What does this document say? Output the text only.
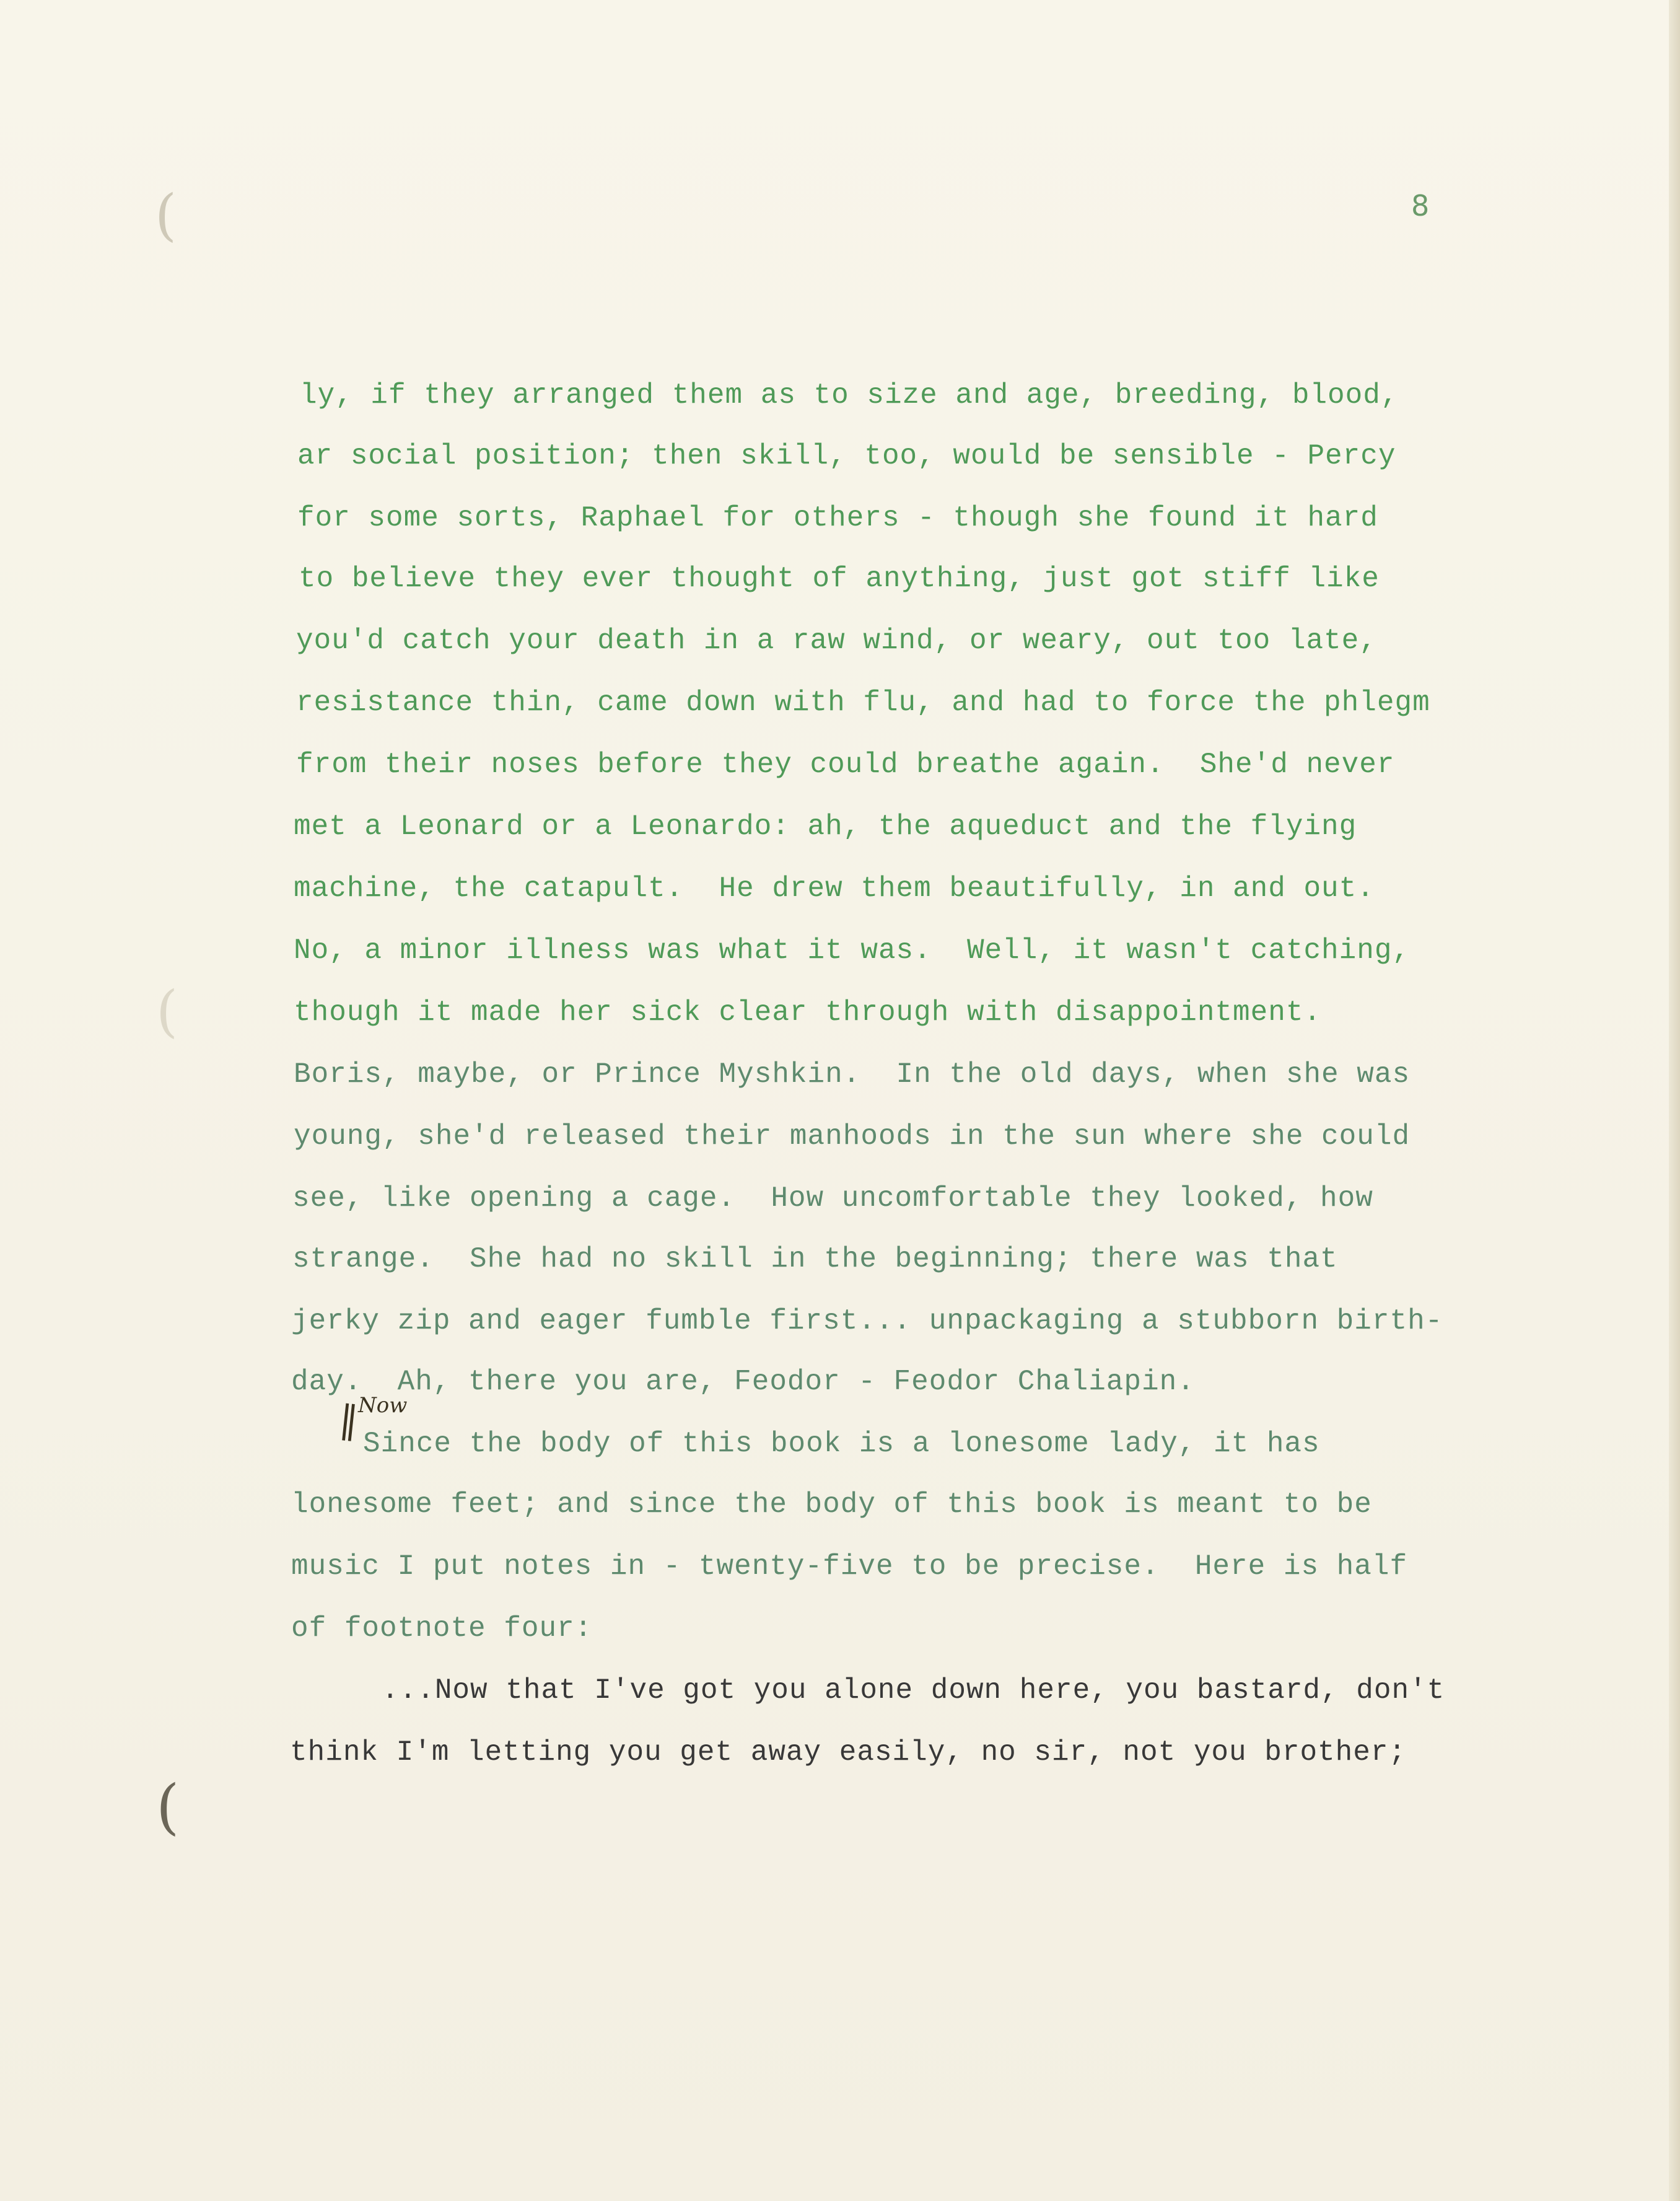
(
(
(
8
ly, if they arranged them as to size and age, breeding, blood,
ar social position; then skill, too, would be sensible - Percy
for some sorts, Raphael for others - though she found it hard
to believe they ever thought of anything, just got stiff like
you'd catch your death in a raw wind, or weary, out too late,
resistance thin, came down with flu, and had to force the phlegm
from their noses before they could breathe again.  She'd never
met a Leonard or a Leonardo: ah, the aqueduct and the flying
machine, the catapult.  He drew them beautifully, in and out.
No, a minor illness was what it was.  Well, it wasn't catching,
though it made her sick clear through with disappointment.
Boris, maybe, or Prince Myshkin.  In the old days, when she was
young, she'd released their manhoods in the sun where she could
see, like opening a cage.  How uncomfortable they looked, how
strange.  She had no skill in the beginning; there was that
jerky zip and eager fumble first... unpackaging a stubborn birth-
day.  Ah, there you are, Feodor - Feodor Chaliapin.
‖
Now
Since the body of this book is a lonesome lady, it has
lonesome feet; and since the body of this book is meant to be
music I put notes in - twenty-five to be precise.  Here is half
of footnote four:
...Now that I've got you alone down here, you bastard, don't
think I'm letting you get away easily, no sir, not you brother;
